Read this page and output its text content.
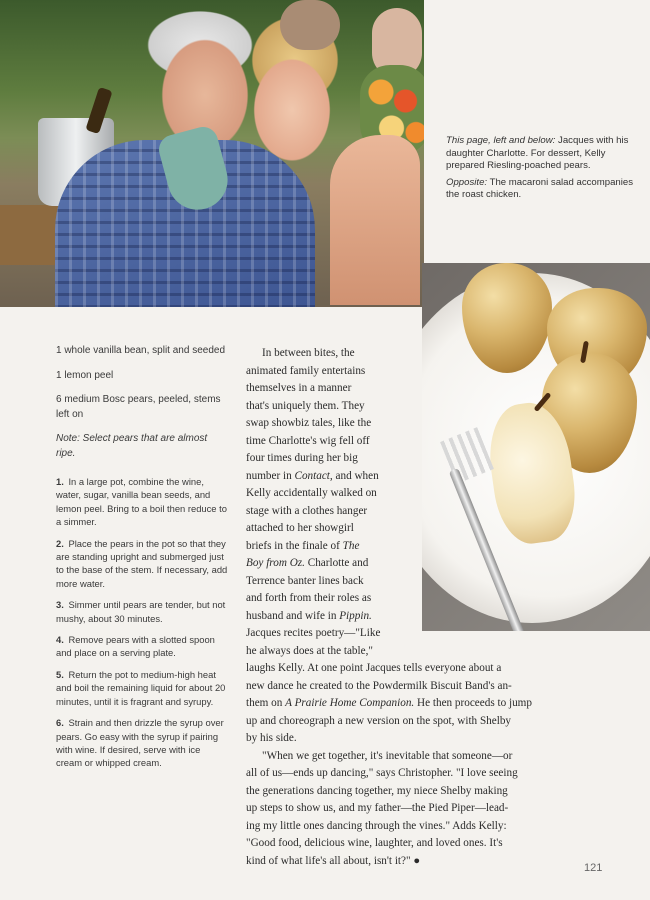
This page, left and below: Jacques with his daughter Charlotte. For dessert, Kelly prepared Riesling-poached pears.

Opposite: The macaroni salad accompanies the roast chicken.

1 whole vanilla bean, split and seeded

1 lemon peel

6 medium Bosc pears, peeled, stems left on

Note: Select pears that are almost ripe.

1. In a large pot, combine the wine, water, sugar, vanilla bean seeds, and lemon peel. Bring to a boil then reduce to a simmer.

2. Place the pears in the pot so that they are standing upright and submerged just to the base of the stem. If necessary, add more water.

3. Simmer until pears are tender, but not mushy, about 30 minutes.

4. Remove pears with a slotted spoon and place on a serving plate.

5. Return the pot to medium-high heat and boil the remaining liquid for about 20 minutes, until it is fragrant and syrupy.

6. Strain and then drizzle the syrup over pears. Go easy with the syrup if pairing with wine. If desired, serve with ice cream or whipped cream.

In between bites, the
animated family entertains
themselves in a manner
that's uniquely them. They
swap showbiz tales, like the
time Charlotte's wig fell off
four times during her big
number in Contact, and when
Kelly accidentally walked on
stage with a clothes hanger
attached to her showgirl
briefs in the finale of The
Boy from Oz. Charlotte and
Terrence banter lines back
and forth from their roles as
husband and wife in Pippin.
Jacques recites poetry—"Like
he always does at the table,"
laughs Kelly. At one point Jacques tells everyone about a
new dance he created to the Powdermilk Biscuit Band's an-
them on A Prairie Home Companion. He then proceeds to jump
up and choreograph a new version on the spot, with Shelby
by his side.
"When we get together, it's inevitable that someone—or
all of us—ends up dancing," says Christopher. "I love seeing
the generations dancing together, my niece Shelby making
up steps to show us, and my father—the Pied Piper—lead-
ing my little ones dancing through the vines." Adds Kelly:
"Good food, delicious wine, laughter, and loved ones. It's
kind of what life's all about, isn't it?" ●
121
